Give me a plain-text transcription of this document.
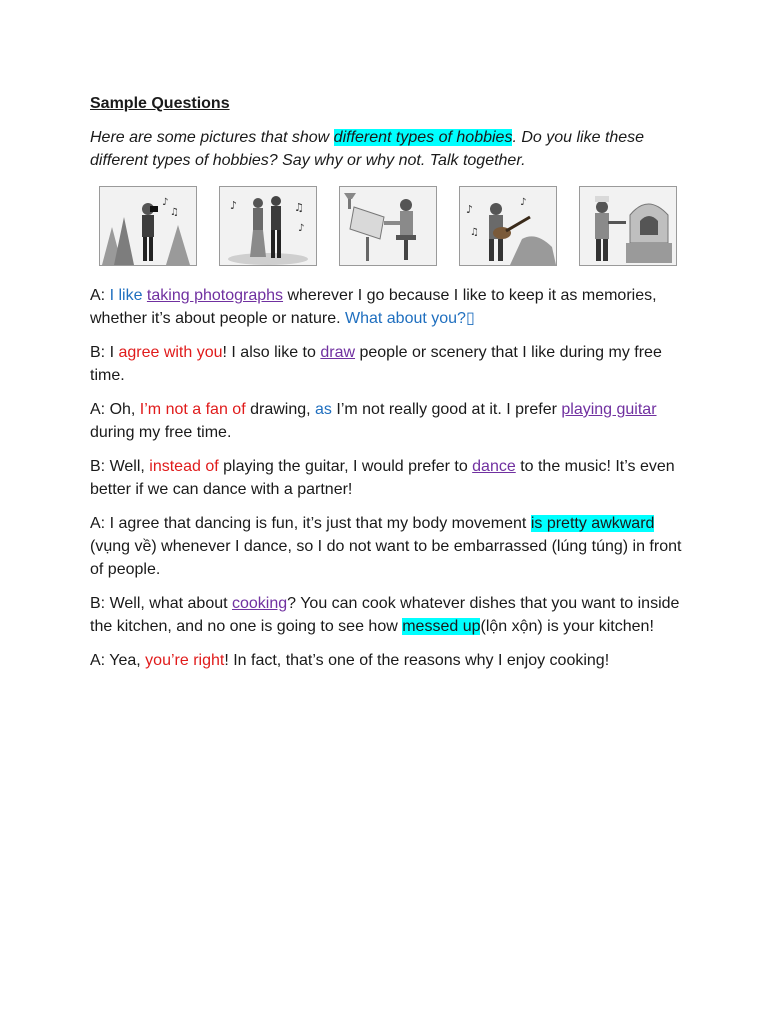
Sample Questions

Here are some pictures that show different types of hobbies. Do you like these different types of hobbies? Say why or why not. Talk together.

♪
♫
♪	♫
♪
♪
♪
♫

A: I like taking photographs wherever I go because I like to keep it as memories, whether it’s about people or nature. What about you?▯

B: I agree with you! I also like to draw people or scenery that I like during my free time.

A: Oh, I’m not a fan of drawing, as I’m not really good at it. I prefer playing guitar during my free time.

B: Well, instead of playing the guitar, I would prefer to dance to the music! It’s even better if we can dance with a partner!

A: I agree that dancing is fun, it’s just that my body movement is pretty awkward (vụng về) whenever I dance, so I do not want to be embarrassed (lúng túng) in front of people.

B: Well, what about cooking? You can cook whatever dishes that you want to inside the kitchen, and no one is going to see how messed up(lộn xộn) is your kitchen!

A: Yea, you’re right! In fact, that’s one of the reasons why I enjoy cooking!
